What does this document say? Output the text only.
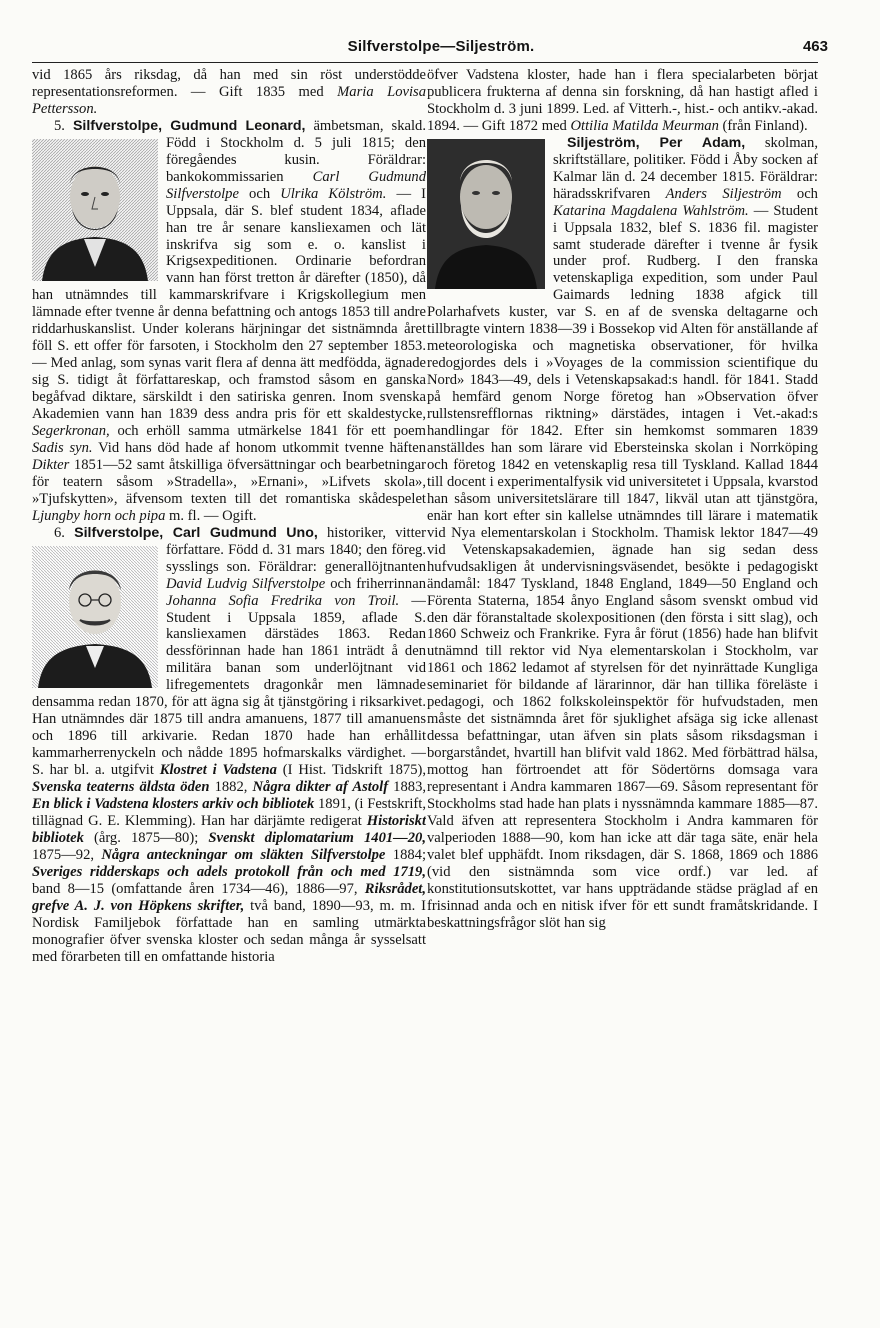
Silfverstolpe—Siljeström.	463

vid 1865 års riksdag, då han med sin röst understödde representationsreformen. — Gift 1835 med Maria Lovisa Pettersson.

5. Silfverstolpe, Gudmund Leonard,
ämbetsman, skald. Född i Stockholm d. 5 juli 1815; den föregåendes kusin. Föräldrar: bankokommissarien Carl Gudmund Silfverstolpe och Ulrika Kölström. — I Uppsala, där S. blef student 1834, aflade han tre år senare kansliexamen och lät inskrifva sig som e. o. kanslist i Krigsexpeditionen. Ordinarie befordran vann han först tretton år därefter (1850), då han utnämndes till kammarskrifvare i Krigskollegium men lämnade efter tvenne år denna befattning och antogs 1853 till andre riddarhuskanslist. Under kolerans härjningar det sistnämnda året föll S. ett offer för farsoten, i Stockholm den 27 september 1853. — Med anlag, som synas varit flera af denna ätt medfödda, ägnade sig S. tidigt åt författareskap, och framstod såsom en ganska begåfvad diktare, särskildt i den satiriska genren. Inom svenska Akademien vann han 1839 dess andra pris för ett skaldestycke, Segerkronan, och erhöll samma utmärkelse 1841 för ett poem Sadis syn. Vid hans död hade af honom utkommit tvenne häften Dikter 1851—52 samt åtskilliga öfversättningar och bearbetningar för teatern såsom »Stradella», »Ernani», »Lifvets skola», »Tjufskytten», äfvensom texten till det romantiska skådespelet Ljungby horn och pipa m. fl. — Ogift.

6. Silfverstolpe, Carl Gudmund Uno,
historiker, vitter författare. Född d. 31 mars 1840; den föreg. sysslings son. Föräldrar: generallöjtnanten David Ludvig Silfverstolpe och friherrinnan Johanna Sofia Fredrika von Troil. — Student i Uppsala 1859, aflade S. kansliexamen därstädes 1863. Redan dessförinnan hade han 1861 inträdt å den militära banan som underlöjtnant vid lifregementets dragonkår men lämnade densamma redan 1870, för att ägna sig åt tjänstgöring i riksarkivet. Han utnämndes där 1875 till andra amanuens, 1877 till amanuens och 1896 till arkivarie. Redan 1870 hade han erhållit kammarherrenyckeln och nådde 1895 hofmarskalks värdighet. — S. har bl. a. utgifvit Klostret i Vadstena (I Hist. Tidskrift 1875), Svenska teaterns äldsta öden 1882, Några dikter af Astolf 1883, En blick i Vadstena klosters arkiv och bibliotek 1891, (i Festskrift, tillägnad G. E. Klemming). Han har därjämte redigerat Historiskt bibliotek (årg. 1875—80); Svenskt diplomatarium 1401—20, 1875—92, Några anteckningar om släkten Silfverstolpe 1884; Sveriges ridderskaps och adels protokoll från och med 1719, band 8—15 (omfattande åren 1734—46), 1886—97, Riksrådet, grefve A. J. von Höpkens skrifter, två band, 1890—93, m. m. I Nordisk Familjebok författade han en samling utmärkta monografier öfver svenska kloster och sedan många år sysselsatt med förarbeten till en omfattande historia

öfver Vadstena kloster, hade han i flera specialarbeten börjat publicera frukterna af denna sin forskning, då han hastigt afled i Stockholm d. 3 juni 1899. Led. af Vitterh.-, hist.- och antikv.-akad. 1894. — Gift 1872 med Ottilia Matilda Meurman (från Finland).

Siljeström, Per Adam,
skolman, skriftställare, politiker. Född i Åby socken af Kalmar län d. 24 december 1815. Föräldrar: häradsskrifvaren Anders Siljeström och Katarina Magdalena Wahlström. — Student i Uppsala 1832, blef S. 1836 fil. magister samt studerade därefter i tvenne år fysik under prof. Rudberg. I den franska vetenskapliga expedition, som under Paul Gaimards ledning 1838 afgick till Polarhafvets kuster, var S. en af de svenska deltagarne och tillbragte vintern 1838—39 i Bossekop vid Alten för anställande af meteorologiska och magnetiska observationer, för hvilka redogjordes dels i »Voyages de la commission scientifique du Nord» 1843—49, dels i Vetenskapsakad:s handl. för 1841. Stadd på hemfärd genom Norge företog han »Observation öfver rullstensrefflornas riktning» därstädes, intagen i Vet.-akad:s handlingar för 1842. Efter sin hemkomst sommaren 1839 anställdes han som lärare vid Ebersteinska skolan i Norrköping och företog 1842 en vetenskaplig resa till Tyskland. Kallad 1844 till docent i experimentalfysik vid universitetet i Uppsala, kvarstod han såsom universitetslärare till 1847, likväl utan att tjänstgöra, enär han kort efter sin kallelse utnämndes till lärare i matematik vid Nya elementarskolan i Stockholm. Thamisk lektor 1847—49 vid Vetenskapsakademien, ägnade han sig sedan dess hufvudsakligen åt undervisningsväsendet, besökte i pedagogiskt ändamål: 1847 Tyskland, 1848 England, 1849—50 England och Förenta Staterna, 1854 ånyo England såsom svenskt ombud vid den där föranstaltade skolexpositionen (den första i sitt slag), och 1860 Schweiz och Frankrike. Fyra år förut (1856) hade han blifvit utnämnd till rektor vid Nya elementarskolan i Stockholm, var 1861 och 1862 ledamot af styrelsen för det nyinrättade Kungliga seminariet för bildande af lärarinnor, där han tillika föreläste i pedagogi, och 1862 folkskoleinspektör för hufvudstaden, men måste det sistnämnda året för sjuklighet afsäga sig icke allenast dessa befattningar, utan äfven sin plats såsom riksdagsman i borgarståndet, hvartill han blifvit vald 1862. Med förbättrad hälsa, mottog han förtroendet att för Södertörns domsaga vara representant i Andra kammaren 1867—69. Såsom representant för Stockholms stad hade han plats i nyssnämnda kammare 1885—87. Vald äfven att representera Stockholm i Andra kammaren för valperioden 1888—90, kom han icke att där taga säte, enär hela valet blef upphäfdt. Inom riksdagen, där S. 1868, 1869 och 1886 (vid den sistnämnda som vice ordf.) var led. af konstitutionsutskottet, var hans uppträdande städse präglad af en frisinnad anda och en nitisk ifver för ett sundt framåtskridande. I beskattningsfrågor slöt han sig
